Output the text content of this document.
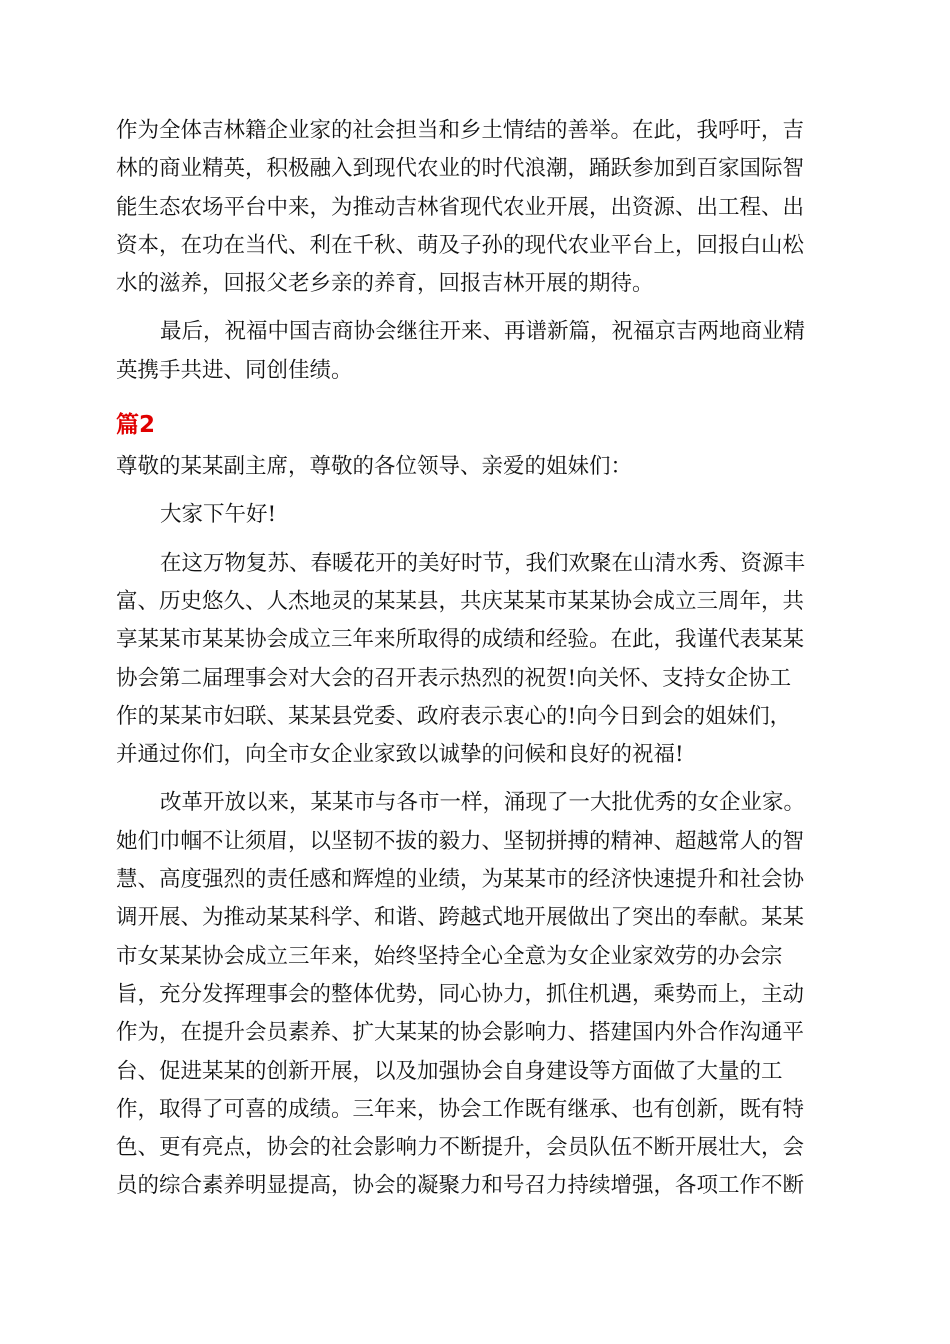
作为全体吉林籍企业家的社会担当和乡土情结的善举。在此，我呼吁，吉
林的商业精英，积极融入到现代农业的时代浪潮，踊跃参加到百家国际智
能生态农场平台中来，为推动吉林省现代农业开展，出资源、出工程、出
资本，在功在当代、利在千秋、萌及子孙的现代农业平台上，回报白山松
水的滋养，回报父老乡亲的养育，回报吉林开展的期待。

最后，祝福中国吉商协会继往开来、再谱新篇，祝福京吉两地商业精
英携手共进、同创佳绩。

篇2

尊敬的某某副主席，尊敬的各位领导、亲爱的姐妹们：

大家下午好!

在这万物复苏、春暖花开的美好时节，我们欢聚在山清水秀、资源丰
富、历史悠久、人杰地灵的某某县，共庆某某市某某协会成立三周年，共
享某某市某某协会成立三年来所取得的成绩和经验。在此，我谨代表某某
协会第二届理事会对大会的召开表示热烈的祝贺!向关怀、支持女企协工
作的某某市妇联、某某县党委、政府表示衷心的!向今日到会的姐妹们，
并通过你们，向全市女企业家致以诚挚的问候和良好的祝福!

改革开放以来，某某市与各市一样，涌现了一大批优秀的女企业家。
她们巾帼不让须眉，以坚韧不拔的毅力、坚韧拼搏的精神、超越常人的智
慧、高度强烈的责任感和辉煌的业绩，为某某市的经济快速提升和社会协
调开展、为推动某某科学、和谐、跨越式地开展做出了突出的奉献。某某
市女某某协会成立三年来，始终坚持全心全意为女企业家效劳的办会宗
旨，充分发挥理事会的整体优势，同心协力，抓住机遇，乘势而上，主动
作为，在提升会员素养、扩大某某的协会影响力、搭建国内外合作沟通平
台、促进某某的创新开展，以及加强协会自身建设等方面做了大量的工
作，取得了可喜的成绩。三年来，协会工作既有继承、也有创新，既有特
色、更有亮点，协会的社会影响力不断提升，会员队伍不断开展壮大，会
员的综合素养明显提高，协会的凝聚力和号召力持续增强，各项工作不断
